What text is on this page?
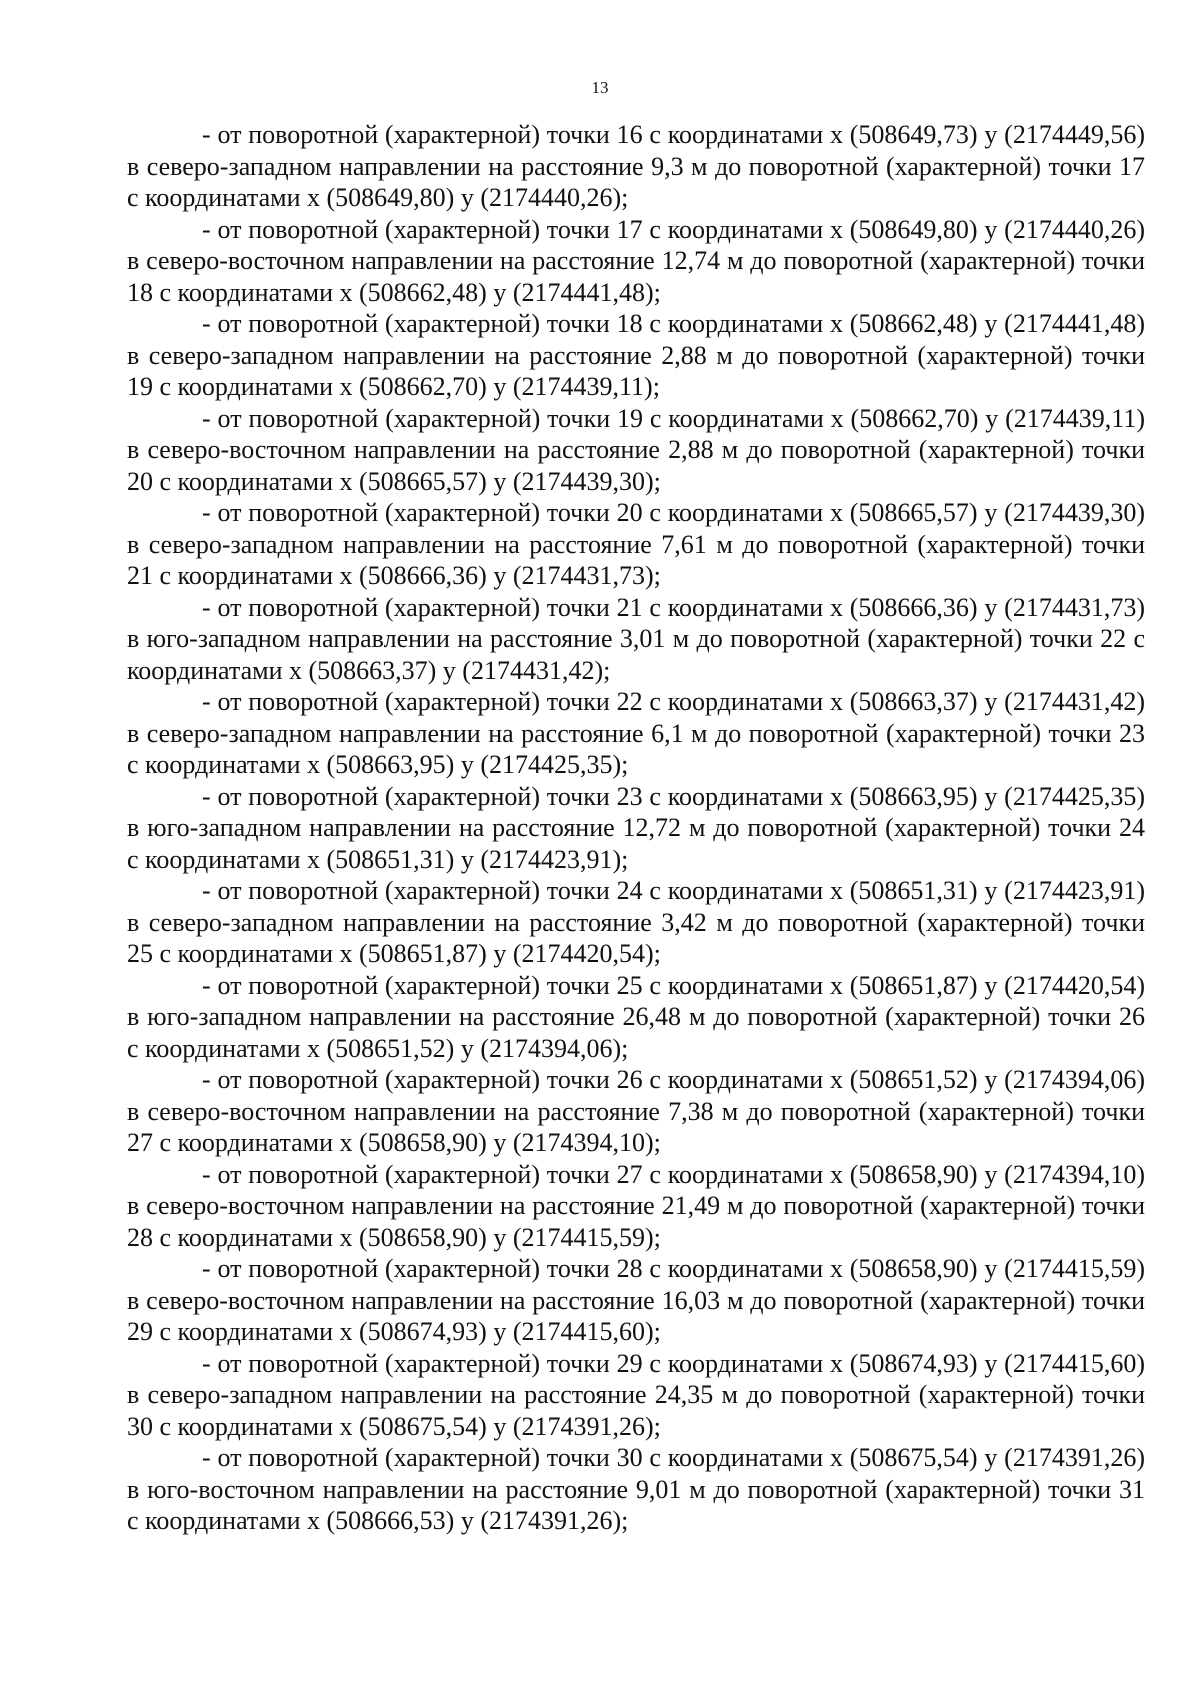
13

- от поворотной (характерной) точки 16 с координатами х (508649,73) у (2174449,56) в северо-западном направлении на расстояние 9,3 м до поворотной (характерной) точки 17 с координатами х (508649,80) у (2174440,26);

- от поворотной (характерной) точки 17 с координатами х (508649,80) у (2174440,26) в северо-восточном направлении на расстояние 12,74 м до поворотной (характерной) точки 18 с координатами х (508662,48) у (2174441,48);

- от поворотной (характерной) точки 18 с координатами х (508662,48) у (2174441,48) в северо-западном направлении на расстояние 2,88 м до поворотной (характерной) точки 19 с координатами х (508662,70) у (2174439,11);

- от поворотной (характерной) точки 19 с координатами х (508662,70) у (2174439,11) в северо-восточном направлении на расстояние 2,88 м до поворотной (характерной) точки 20 с координатами х (508665,57) у (2174439,30);

- от поворотной (характерной) точки 20 с координатами х (508665,57) у (2174439,30) в северо-западном направлении на расстояние 7,61 м до поворотной (характерной) точки 21 с координатами х (508666,36) у (2174431,73);

- от поворотной (характерной) точки 21 с координатами х (508666,36) у (2174431,73) в юго-западном направлении на расстояние 3,01 м до поворотной (характерной) точки 22 с координатами х (508663,37) у (2174431,42);

- от поворотной (характерной) точки 22 с координатами х (508663,37) у (2174431,42) в северо-западном направлении на расстояние 6,1 м до поворотной (характерной) точки 23 с координатами х (508663,95) у (2174425,35);

- от поворотной (характерной) точки 23 с координатами х (508663,95) у (2174425,35) в юго-западном направлении на расстояние 12,72 м до поворотной (характерной) точки 24 с координатами х (508651,31) у (2174423,91);

- от поворотной (характерной) точки 24 с координатами х (508651,31) у (2174423,91) в северо-западном направлении на расстояние 3,42 м до поворотной (характерной) точки 25 с координатами х (508651,87) у (2174420,54);

- от поворотной (характерной) точки 25 с координатами х (508651,87) у (2174420,54) в юго-западном направлении на расстояние 26,48 м до поворотной (характерной) точки 26 с координатами х (508651,52) у (2174394,06);

- от поворотной (характерной) точки 26 с координатами х (508651,52) у (2174394,06) в северо-восточном направлении на расстояние 7,38 м до поворотной (характерной) точки 27 с координатами х (508658,90) у (2174394,10);

- от поворотной (характерной) точки 27 с координатами х (508658,90) у (2174394,10) в северо-восточном направлении на расстояние 21,49 м до поворотной (характерной) точки 28 с координатами х (508658,90) у (2174415,59);

- от поворотной (характерной) точки 28 с координатами х (508658,90) у (2174415,59) в северо-восточном направлении на расстояние 16,03 м до поворотной (характерной) точки 29 с координатами х (508674,93) у (2174415,60);

- от поворотной (характерной) точки 29 с координатами х (508674,93) у (2174415,60) в северо-западном направлении на расстояние 24,35 м до поворотной (характерной) точки 30 с координатами х (508675,54) у (2174391,26);

- от поворотной (характерной) точки 30 с координатами х (508675,54) у (2174391,26) в юго-восточном направлении на расстояние 9,01 м до поворотной (характерной) точки 31 с координатами х (508666,53) у (2174391,26);
